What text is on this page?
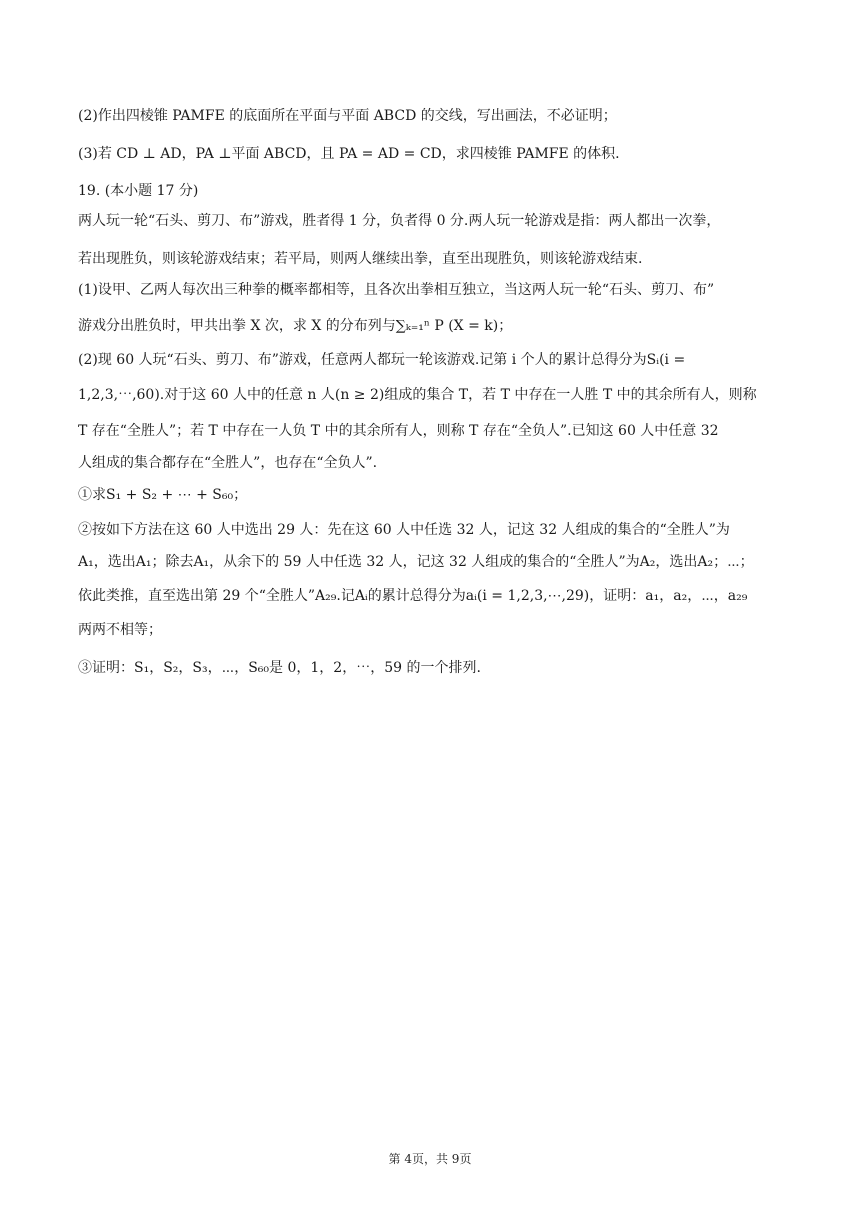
(2)作出四棱锥 PAMFE 的底面所在平面与平面 ABCD 的交线，写出画法，不必证明；
(3)若 CD ⊥ AD，PA ⊥平面 ABCD，且 PA = AD = CD，求四棱锥 PAMFE 的体积.
19. (本小题 17 分)
两人玩一轮“石头、剪刀、布”游戏，胜者得 1 分，负者得 0 分.两人玩一轮游戏是指：两人都出一次拳，
若出现胜负，则该轮游戏结束；若平局，则两人继续出拳，直至出现胜负，则该轮游戏结束.
(1)设甲、乙两人每次出三种拳的概率都相等，且各次出拳相互独立，当这两人玩一轮“石头、剪刀、布”
游戏分出胜负时，甲共出拳 X 次，求 X 的分布列与∑ₖ₌₁ⁿ P (X = k)；
(2)现 60 人玩“石头、剪刀、布”游戏，任意两人都玩一轮该游戏.记第 i 个人的累计总得分为Sᵢ(i =
1,2,3,⋯,60).对于这 60 人中的任意 n 人(n ≥ 2)组成的集合 T，若 T 中存在一人胜 T 中的其余所有人，则称
T 存在“全胜人”；若 T 中存在一人负 T 中的其余所有人，则称 T 存在“全负人”.已知这 60 人中任意 32
人组成的集合都存在“全胜人”，也存在“全负人”.
①求S₁ + S₂ + ⋯ + S₆₀；
②按如下方法在这 60 人中选出 29 人：先在这 60 人中任选 32 人，记这 32 人组成的集合的“全胜人”为
A₁，选出A₁；除去A₁，从余下的 59 人中任选 32 人，记这 32 人组成的集合的“全胜人”为A₂，选出A₂；⋯；
依此类推，直至选出第 29 个“全胜人”A₂₉.记Aᵢ的累计总得分为aᵢ(i = 1,2,3,⋯,29)，证明：a₁，a₂，⋯，a₂₉
两两不相等；
③证明：S₁，S₂，S₃，⋯，S₆₀是 0，1，2，⋯，59 的一个排列.
第 4页，共 9页
